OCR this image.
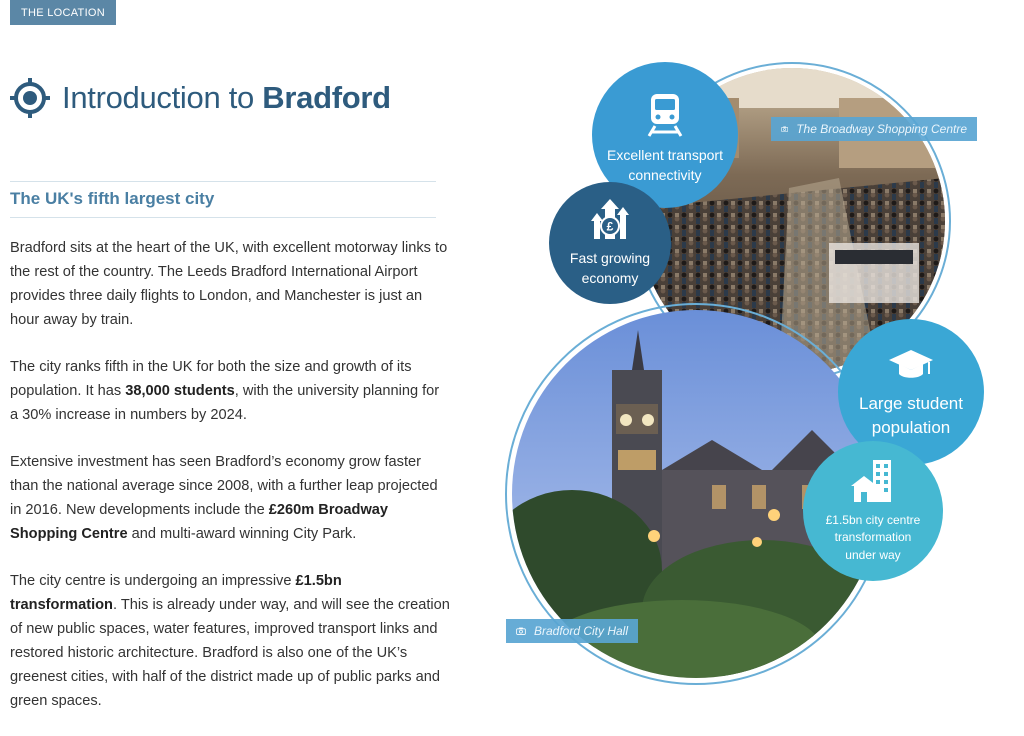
THE LOCATION
Introduction to Bradford
The UK's fifth largest city

Bradford sits at the heart of the UK, with excellent motorway links to the rest of the country. The Leeds Bradford International Airport provides three daily flights to London, and Manchester is just an hour away by train.

The city ranks fifth in the UK for both the size and growth of its population. It has 38,000 students, with the university planning for a 30% increase in numbers by 2024.

Extensive investment has seen Bradford’s economy grow faster than the national average since 2008, with a further leap projected in 2016. New developments include the £260m Broadway Shopping Centre and multi-award winning City Park.

The city centre is undergoing an impressive £1.5bn transformation. This is already under way, and will see the creation of new public spaces, water features, improved transport links and restored historic architecture. Bradford is also one of the UK’s greenest cities, with half of the district made up of public parks and green spaces.

The Broadway Shopping Centre
Bradford City Hall
Excellent transport
connectivity
£
Fast growing
economy
Large student
population
£1.5bn city centre
transformation
under way
